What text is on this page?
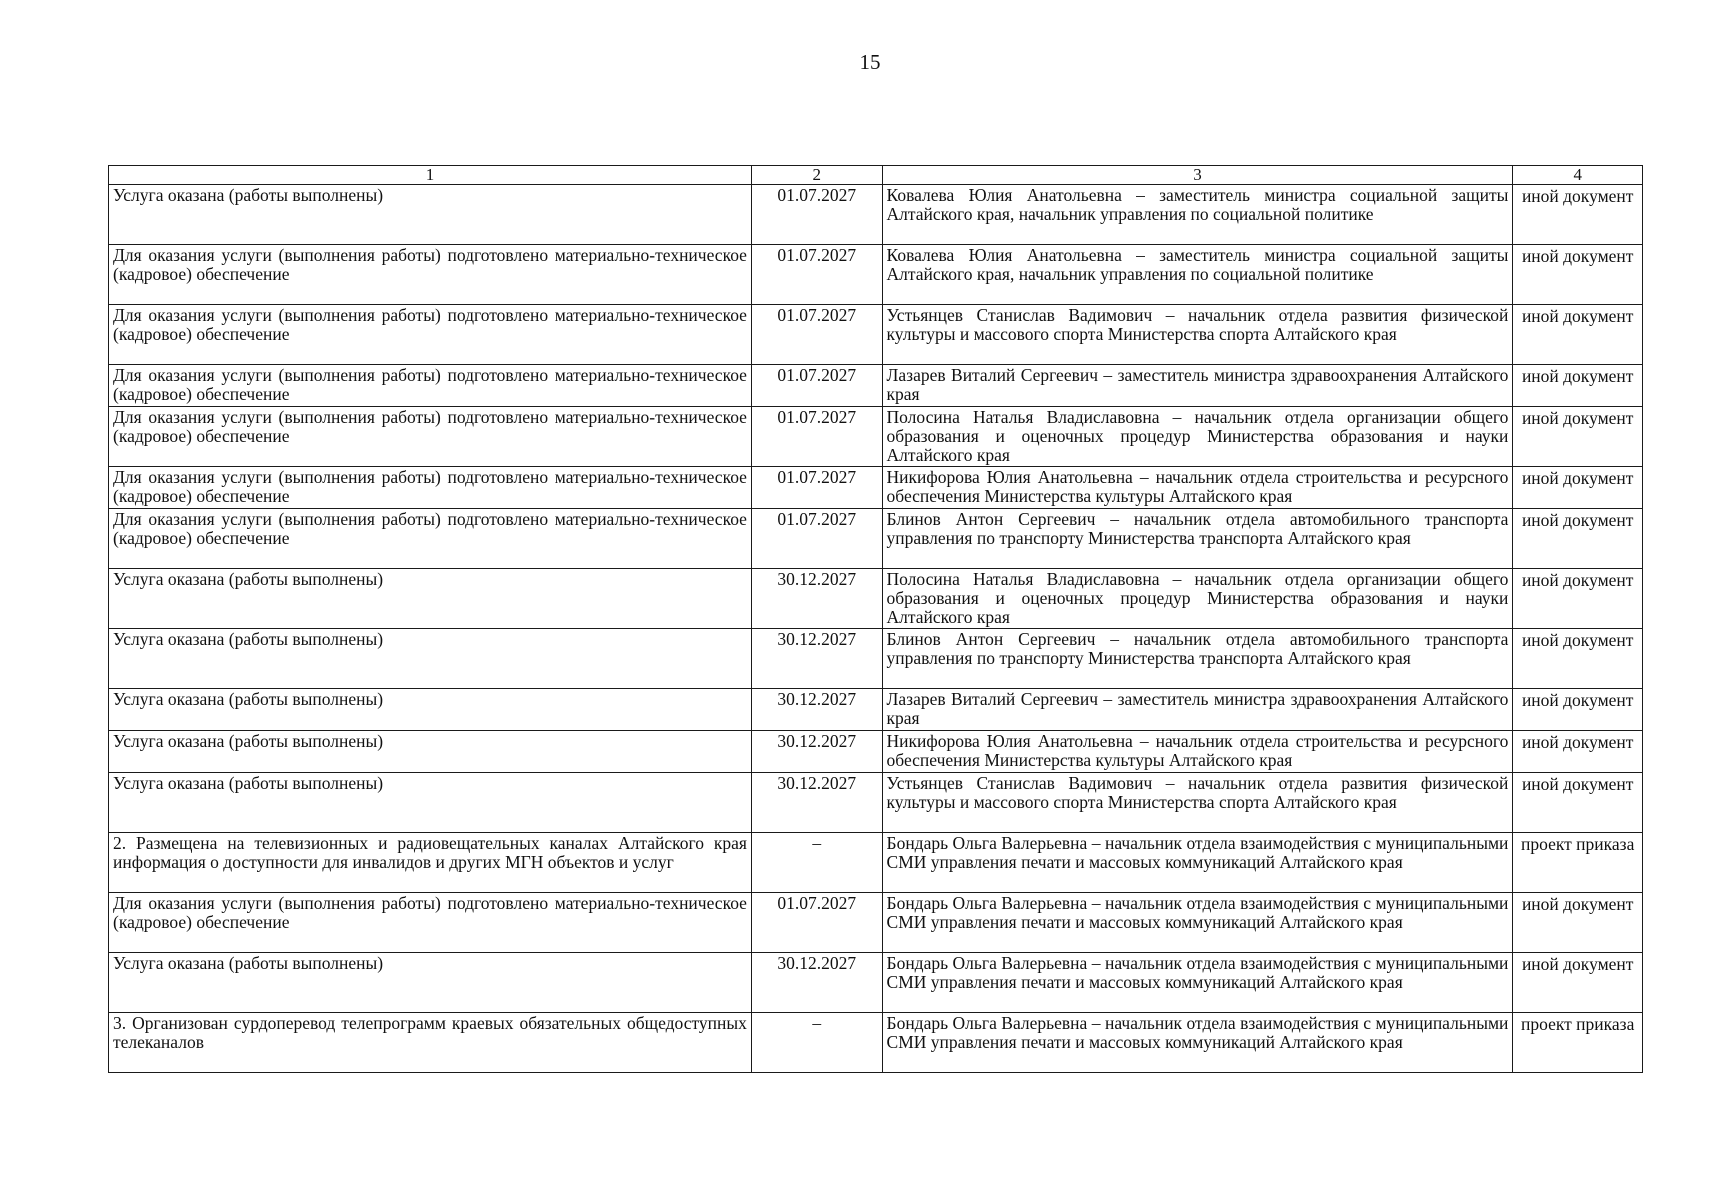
15
1	2	3	4
Услуга оказана (работы выполнены)	01.07.2027	Ковалева Юлия Анатольевна – заместитель министра социальной защиты Алтайского края, начальник управления по социальной политике	иной документ
Для оказания услуги (выполнения работы) подготовлено материально-техническое (кадровое) обеспечение	01.07.2027	Ковалева Юлия Анатольевна – заместитель министра социальной защиты Алтайского края, начальник управления по социальной политике	иной документ
Для оказания услуги (выполнения работы) подготовлено материально-техническое (кадровое) обеспечение	01.07.2027	Устьянцев Станислав Вадимович – начальник отдела развития физической культуры и массового спорта Министерства спорта Алтайского края	иной документ
Для оказания услуги (выполнения работы) подготовлено материально-техническое (кадровое) обеспечение	01.07.2027	Лазарев Виталий Сергеевич – заместитель министра здравоохранения Алтайского края	иной документ
Для оказания услуги (выполнения работы) подготовлено материально-техническое (кадровое) обеспечение	01.07.2027	Полосина Наталья Владиславовна – начальник отдела организации общего образования и оценочных процедур Министерства образования и науки Алтайского края	иной документ
Для оказания услуги (выполнения работы) подготовлено материально-техническое (кадровое) обеспечение	01.07.2027	Никифорова Юлия Анатольевна – начальник отдела строительства и ресурсного обеспечения Министерства культуры Алтайского края	иной документ
Для оказания услуги (выполнения работы) подготовлено материально-техническое (кадровое) обеспечение	01.07.2027	Блинов Антон Сергеевич – начальник отдела автомобильного транспорта управления по транспорту Министерства транспорта Алтайского края	иной документ
Услуга оказана (работы выполнены)	30.12.2027	Полосина Наталья Владиславовна – начальник отдела организации общего образования и оценочных процедур Министерства образования и науки Алтайского края	иной документ
Услуга оказана (работы выполнены)	30.12.2027	Блинов Антон Сергеевич – начальник отдела автомобильного транспорта управления по транспорту Министерства транспорта Алтайского края	иной документ
Услуга оказана (работы выполнены)	30.12.2027	Лазарев Виталий Сергеевич – заместитель министра здравоохранения Алтайского края	иной документ
Услуга оказана (работы выполнены)	30.12.2027	Никифорова Юлия Анатольевна – начальник отдела строительства и ресурсного обеспечения Министерства культуры Алтайского края	иной документ
Услуга оказана (работы выполнены)	30.12.2027	Устьянцев Станислав Вадимович – начальник отдела развития физической культуры и массового спорта Министерства спорта Алтайского края	иной документ
2. Размещена на телевизионных и радиовещательных каналах Алтайского края информация о доступности для инвалидов и других МГН объектов и услуг	–	Бондарь Ольга Валерьевна – начальник отдела взаимодействия с муниципальными СМИ управления печати и массовых коммуникаций Алтайского края	проект приказа
Для оказания услуги (выполнения работы) подготовлено материально-техническое (кадровое) обеспечение	01.07.2027	Бондарь Ольга Валерьевна – начальник отдела взаимодействия с муниципальными СМИ управления печати и массовых коммуникаций Алтайского края	иной документ
Услуга оказана (работы выполнены)	30.12.2027	Бондарь Ольга Валерьевна – начальник отдела взаимодействия с муниципальными СМИ управления печати и массовых коммуникаций Алтайского края	иной документ
3. Организован сурдоперевод телепрограмм краевых обязательных общедоступных телеканалов	–	Бондарь Ольга Валерьевна – начальник отдела взаимодействия с муниципальными СМИ управления печати и массовых коммуникаций Алтайского края	проект приказа
